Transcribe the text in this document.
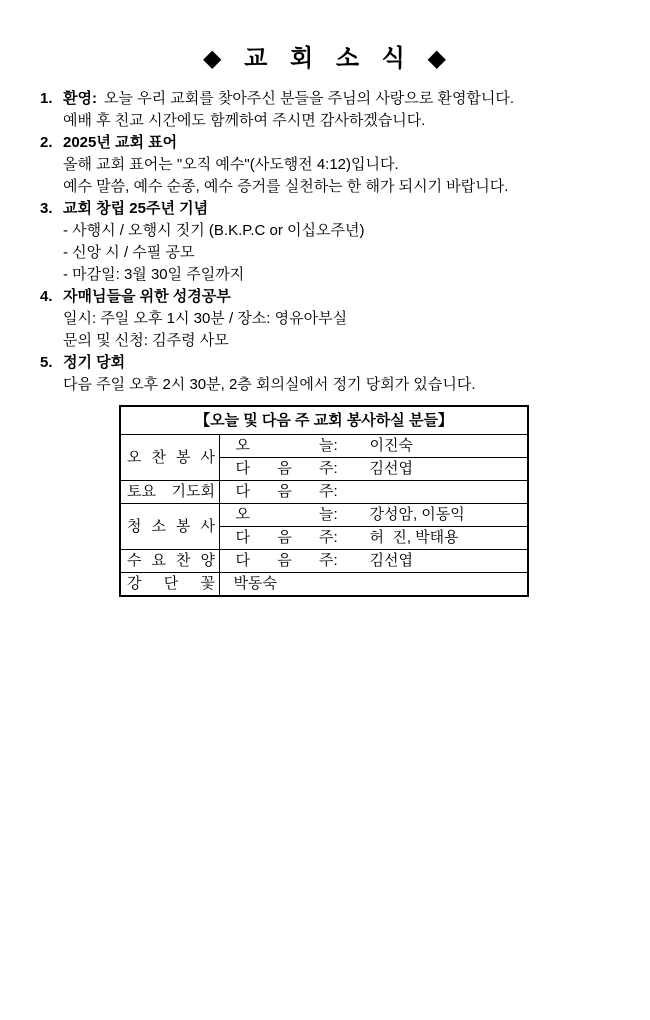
◆ 교 회 소 식 ◆
1. 환영: 오늘 우리 교회를 찾아주신 분들을 주님의 사랑으로 환영합니다.
예배 후 친교 시간에도 함께하여 주시면 감사하겠습니다.
2. 2025년 교회 표어
올해 교회 표어는 "오직 예수"(사도행전 4:12)입니다.
예수 말씀, 예수 순종, 예수 증거를 실천하는 한 해가 되시기 바랍니다.
3. 교회 창립 25주년 기념
- 사행시 / 오행시 짓기 (B.K.P.C or 이십오주년)
- 신앙 시 / 수필 공모
- 마감일: 3월 30일 주일까지
4. 자매님들을 위한 성경공부
일시: 주일 오후 1시 30분 / 장소: 영유아부실
문의 및 신청: 김주령 사모
5. 정기 당회
다음 주일 오후 2시 30분, 2층 회의실에서 정기 당회가 있습니다.
【오늘 및 다음 주 교회 봉사하실 분들】	

오 찬 봉 사	오 늘 : 이진숙

	다 음 주 : 김선엽

토요 기도회	다 음 주 :

청 소 봉 사	오 늘 : 강성암, 이동익

	다 음 주 : 허  진, 박태용

수 요 찬 양	다 음 주 : 김선엽

강 단 꽃	박동숙
